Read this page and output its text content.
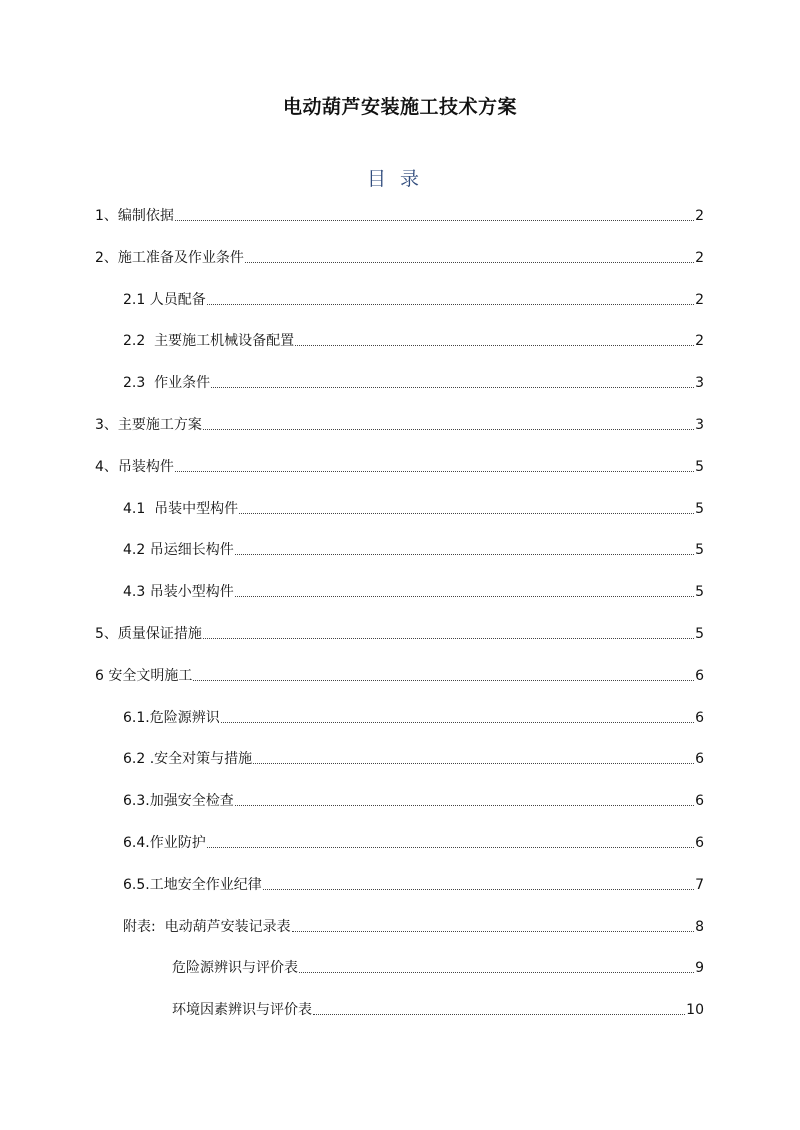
电动葫芦安装施工技术方案
目录
1、编制依据	2
2、施工准备及作业条件	2
2.1 人员配备	2
2.2  主要施工机械设备配置	2
2.3  作业条件	3
3、主要施工方案	3
4、吊装构件	5
4.1  吊装中型构件	5
4.2 吊运细长构件	5
4.3 吊装小型构件	5
5、质量保证措施	5
6 安全文明施工	6
6.1.危险源辨识	6
6.2 .安全对策与措施	6
6.3.加强安全检查	6
6.4.作业防护	6
6.5.工地安全作业纪律	7
附表:  电动葫芦安装记录表	8
危险源辨识与评价表	9
环境因素辨识与评价表	10
